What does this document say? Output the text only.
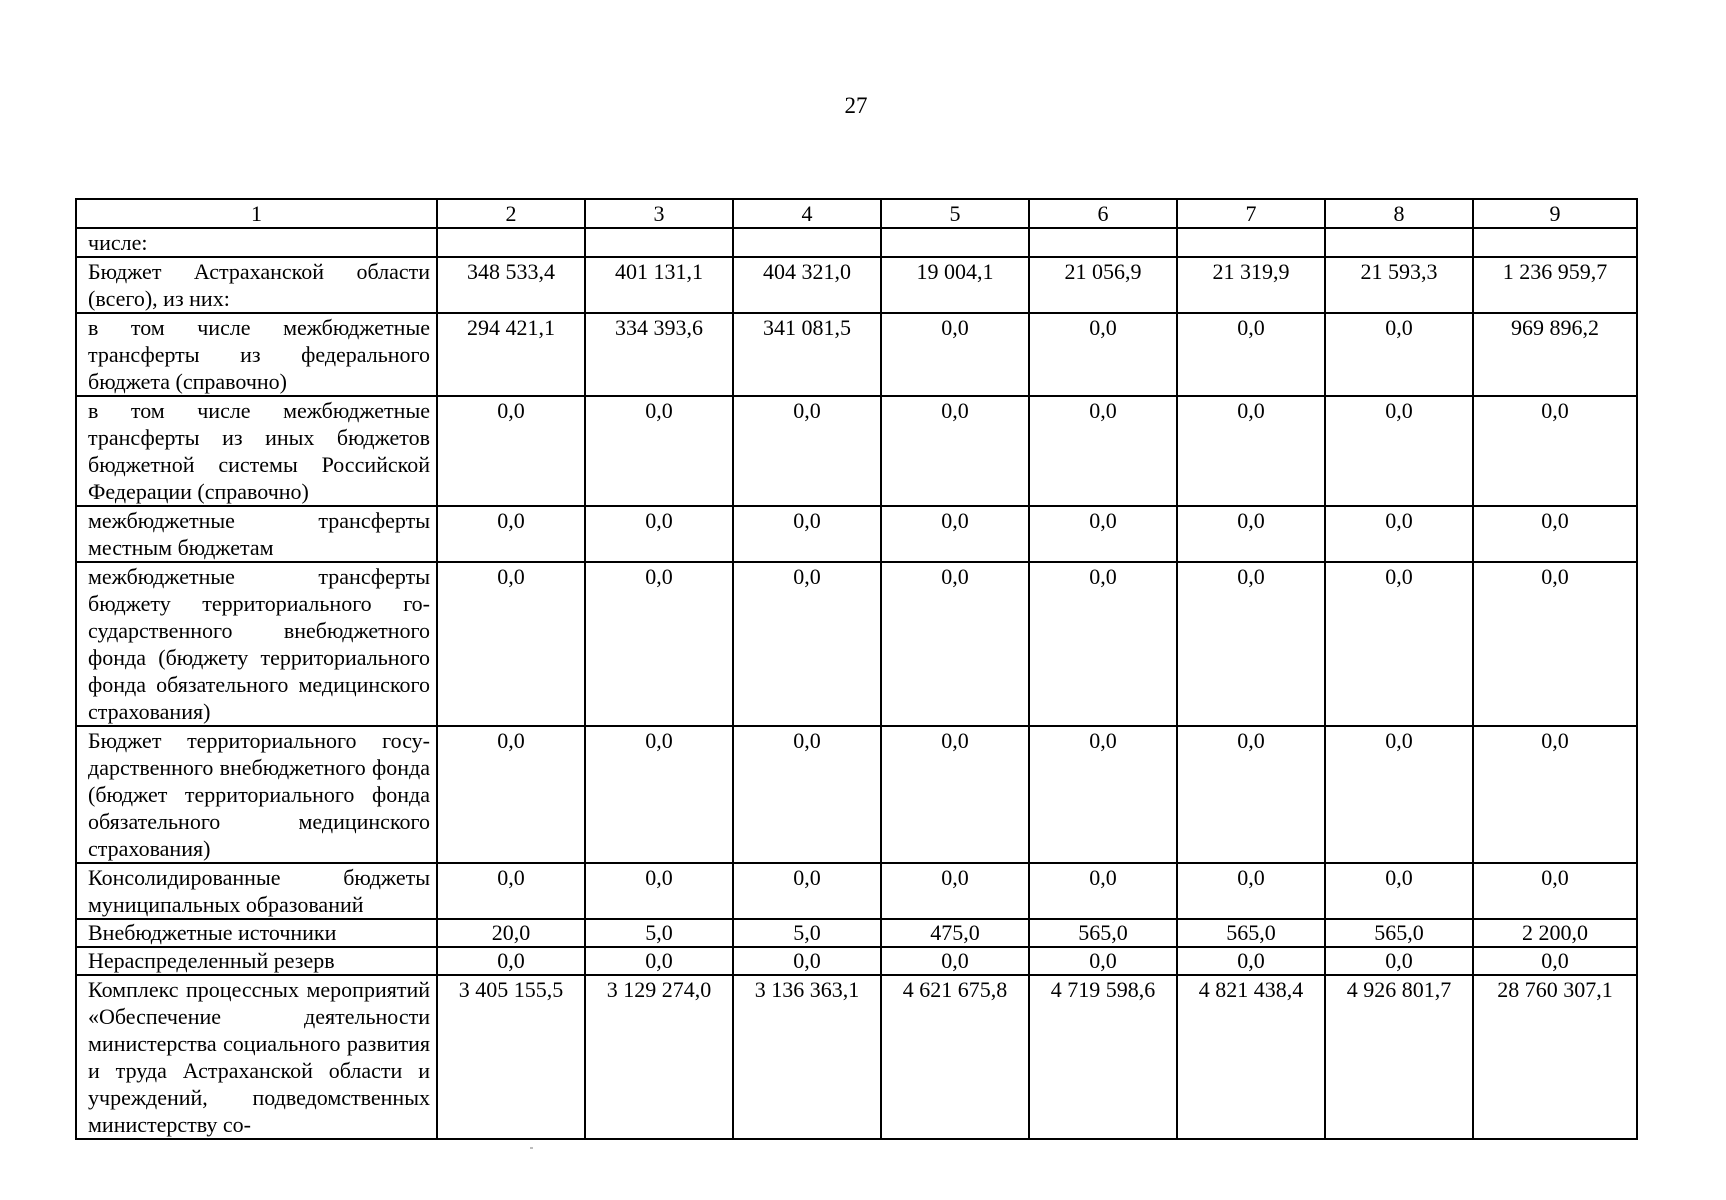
27
1	2	3	4	5	6	7	8	9
числе:								
Бюджет Астраханской области (всего), из них:	348 533,4	401 131,1	404 321,0	19 004,1	21 056,9	21 319,9	21 593,3	1 236 959,7
в том числе межбюджетные трансферты из федерального бюджета (справочно)	294 421,1	334 393,6	341 081,5	0,0	0,0	0,0	0,0	969 896,2
в том числе межбюджетные трансферты из иных бюджетов бюджетной системы Российской Федерации (справочно)	0,0	0,0	0,0	0,0	0,0	0,0	0,0	0,0
межбюджетные трансферты местным бюджетам	0,0	0,0	0,0	0,0	0,0	0,0	0,0	0,0
межбюджетные трансферты бюджету территориального государственного внебюджетного фонда (бюджету территориального фонда обязательного медицинского страхования)	0,0	0,0	0,0	0,0	0,0	0,0	0,0	0,0
Бюджет территориального государственного внебюджетного фонда (бюджет территориального фонда обязательного медицинского страхования)	0,0	0,0	0,0	0,0	0,0	0,0	0,0	0,0
Консолидированные бюджеты муниципальных образований	0,0	0,0	0,0	0,0	0,0	0,0	0,0	0,0
Внебюджетные источники	20,0	5,0	5,0	475,0	565,0	565,0	565,0	2 200,0
Нераспределенный резерв	0,0	0,0	0,0	0,0	0,0	0,0	0,0	0,0
Комплекс процессных мероприятий «Обеспечение деятельности министерства социального развития и труда Астраханской области и учреждений, подведомственных министерству со-	3 405 155,5	3 129 274,0	3 136 363,1	4 621 675,8	4 719 598,6	4 821 438,4	4 926 801,7	28 760 307,1
